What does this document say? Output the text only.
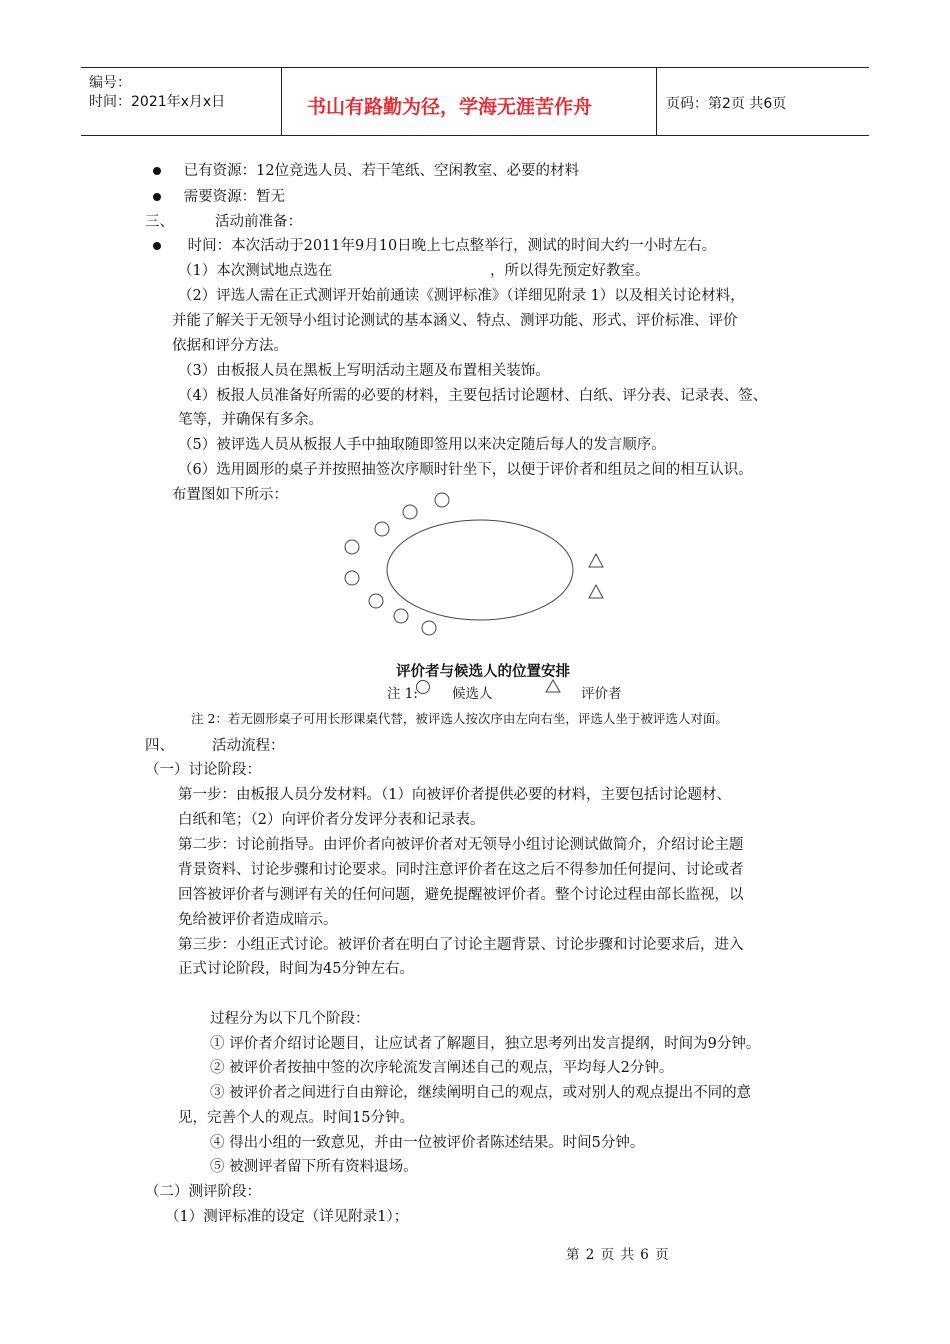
编号：
时间：2021年x月x日	书山有路勤为径，学海无涯苦作舟	页码：第2页 共6页
已有资源：12位竞选人员、若干笔纸、空闲教室、必要的材料
需要资源：暂无
三、	活动前准备：
时间：本次活动于2011年9月10日晚上七点整举行，测试的时间大约一小时左右。
（1）本次测试地点选在	，所以得先预定好教室。
（2）评选人需在正式测评开始前通读《测评标准》（详细见附录 1）以及相关讨论材料，
并能了解关于无领导小组讨论测试的基本涵义、特点、测评功能、形式、评价标准、评价
依据和评分方法。
（3）由板报人员在黑板上写明活动主题及布置相关装饰。
（4）板报人员准备好所需的必要的材料，主要包括讨论题材、白纸、评分表、记录表、签、
笔等，并确保有多余。
（5）被评选人员从板报人手中抽取随即签用以来决定随后每人的发言顺序。
（6）选用圆形的桌子并按照抽签次序顺时针坐下，以便于评价者和组员之间的相互认识。
布置图如下所示：
评价者与候选人的位置安排
注 1:	候选人	评价者
注 2：若无圆形桌子可用长形课桌代替，被评选人按次序由左向右坐，评选人坐于被评选人对面。
四、	活动流程：
（一）讨论阶段：
第一步：由板报人员分发材料。（1）向被评价者提供必要的材料，主要包括讨论题材、
白纸和笔；（2）向评价者分发评分表和记录表。
第二步：讨论前指导。由评价者向被评价者对无领导小组讨论测试做简介，介绍讨论主题
背景资料、讨论步骤和讨论要求。同时注意评价者在这之后不得参加任何提问、讨论或者
回答被评价者与测评有关的任何问题，避免提醒被评价者。整个讨论过程由部长监视，以
免给被评价者造成暗示。
第三步：小组正式讨论。被评价者在明白了讨论主题背景、讨论步骤和讨论要求后，进入
正式讨论阶段，时间为45分钟左右。
过程分为以下几个阶段：
① 评价者介绍讨论题目，让应试者了解题目，独立思考列出发言提纲，时间为9分钟。
② 被评价者按抽中签的次序轮流发言阐述自己的观点，平均每人2分钟。
③ 被评价者之间进行自由辩论，继续阐明自己的观点，或对别人的观点提出不同的意
见，完善个人的观点。时间15分钟。
④ 得出小组的一致意见，并由一位被评价者陈述结果。时间5分钟。
⑤ 被测评者留下所有资料退场。
（二）测评阶段：
（1）测评标准的设定（详见附录1）；
第 2 页 共 6 页
